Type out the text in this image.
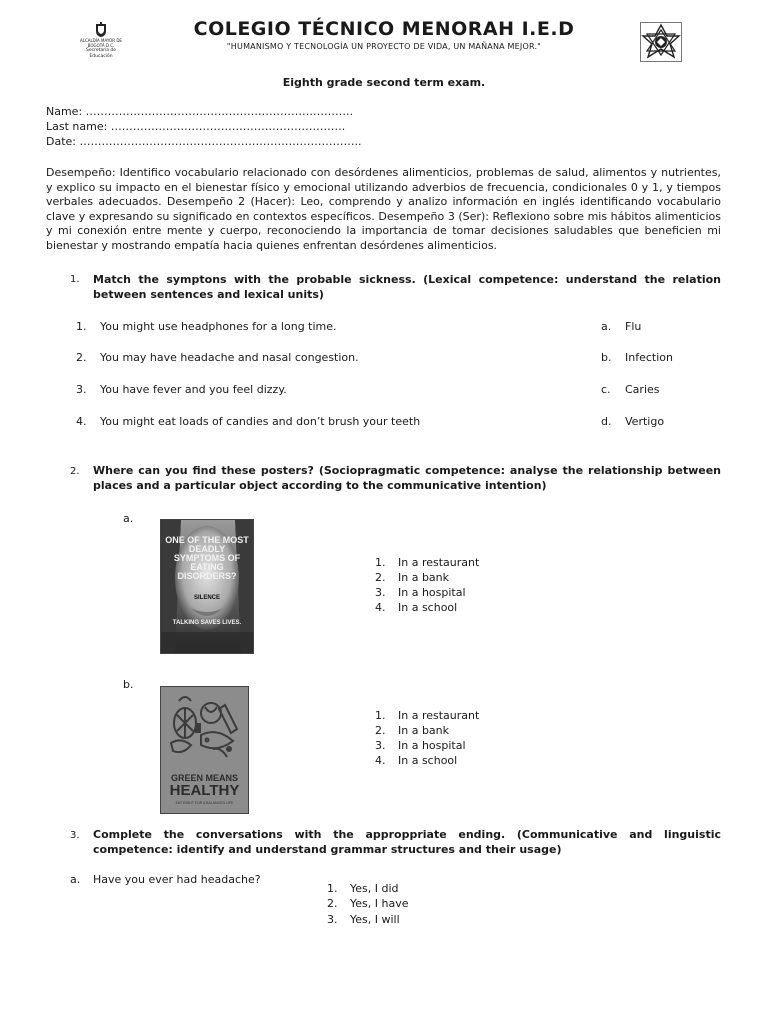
ALCALDÍA MAYOR DE BOGOTÁ D.C.
Secretaría de Educación
COLEGIO TÉCNICO MENORAH I.E.D
"HUMANISMO Y TECNOLOGÍA UN PROYECTO DE VIDA, UN MAÑANA MEJOR."
Eighth grade second term exam.
Name: ……………………………………………………………….
Last name: ……………………………………………………….
Date: …………………………………………………………………..
Desempeño: Identifico vocabulario relacionado con desórdenes alimenticios, problemas de salud, alimentos y nutrientes, y explico su impacto en el bienestar físico y emocional utilizando adverbios de frecuencia, condicionales 0 y 1, y tiempos verbales adecuados. Desempeño 2 (Hacer): Leo, comprendo y analizo información en inglés identificando vocabulario clave y expresando su significado en contextos específicos. Desempeño 3 (Ser): Reflexiono sobre mis hábitos alimenticios y mi conexión entre mente y cuerpo, reconociendo la importancia de tomar decisiones saludables que beneficien mi bienestar y mostrando empatía hacia quienes enfrentan desórdenes alimenticios.
1. Match the symptons with the probable sickness. (Lexical competence: understand the relation between sentences and lexical units)
1. You might use headphones for a long time.
2. You may have headache and nasal congestion.
3. You have fever and you feel dizzy.
4. You might eat loads of candies and don’t brush your teeth
a. Flu
b. Infection
c. Caries
d. Vertigo
2. Where can you find these posters? (Sociopragmatic competence: analyse the relationship between places and a particular object according to the communicative intention)
a.
ONE OF THE MOST DEADLY SYMPTOMS OF EATING DISORDERS?
SILENCE
TALKING SAVES LIVES.
1. In a restaurant
2. In a bank
3. In a hospital
4. In a school
b.
GREEN MEANS
HEALTHY
EAT RIGHT FOR A BALANCED LIFE
1. In a restaurant
2. In a bank
3. In a hospital
4. In a school
3. Complete the conversations with the approppriate ending. (Communicative and linguistic competence: identify and understand grammar structures and their usage)
a. Have you ever had headache?
1. Yes, I did
2. Yes, I have
3. Yes, I will
